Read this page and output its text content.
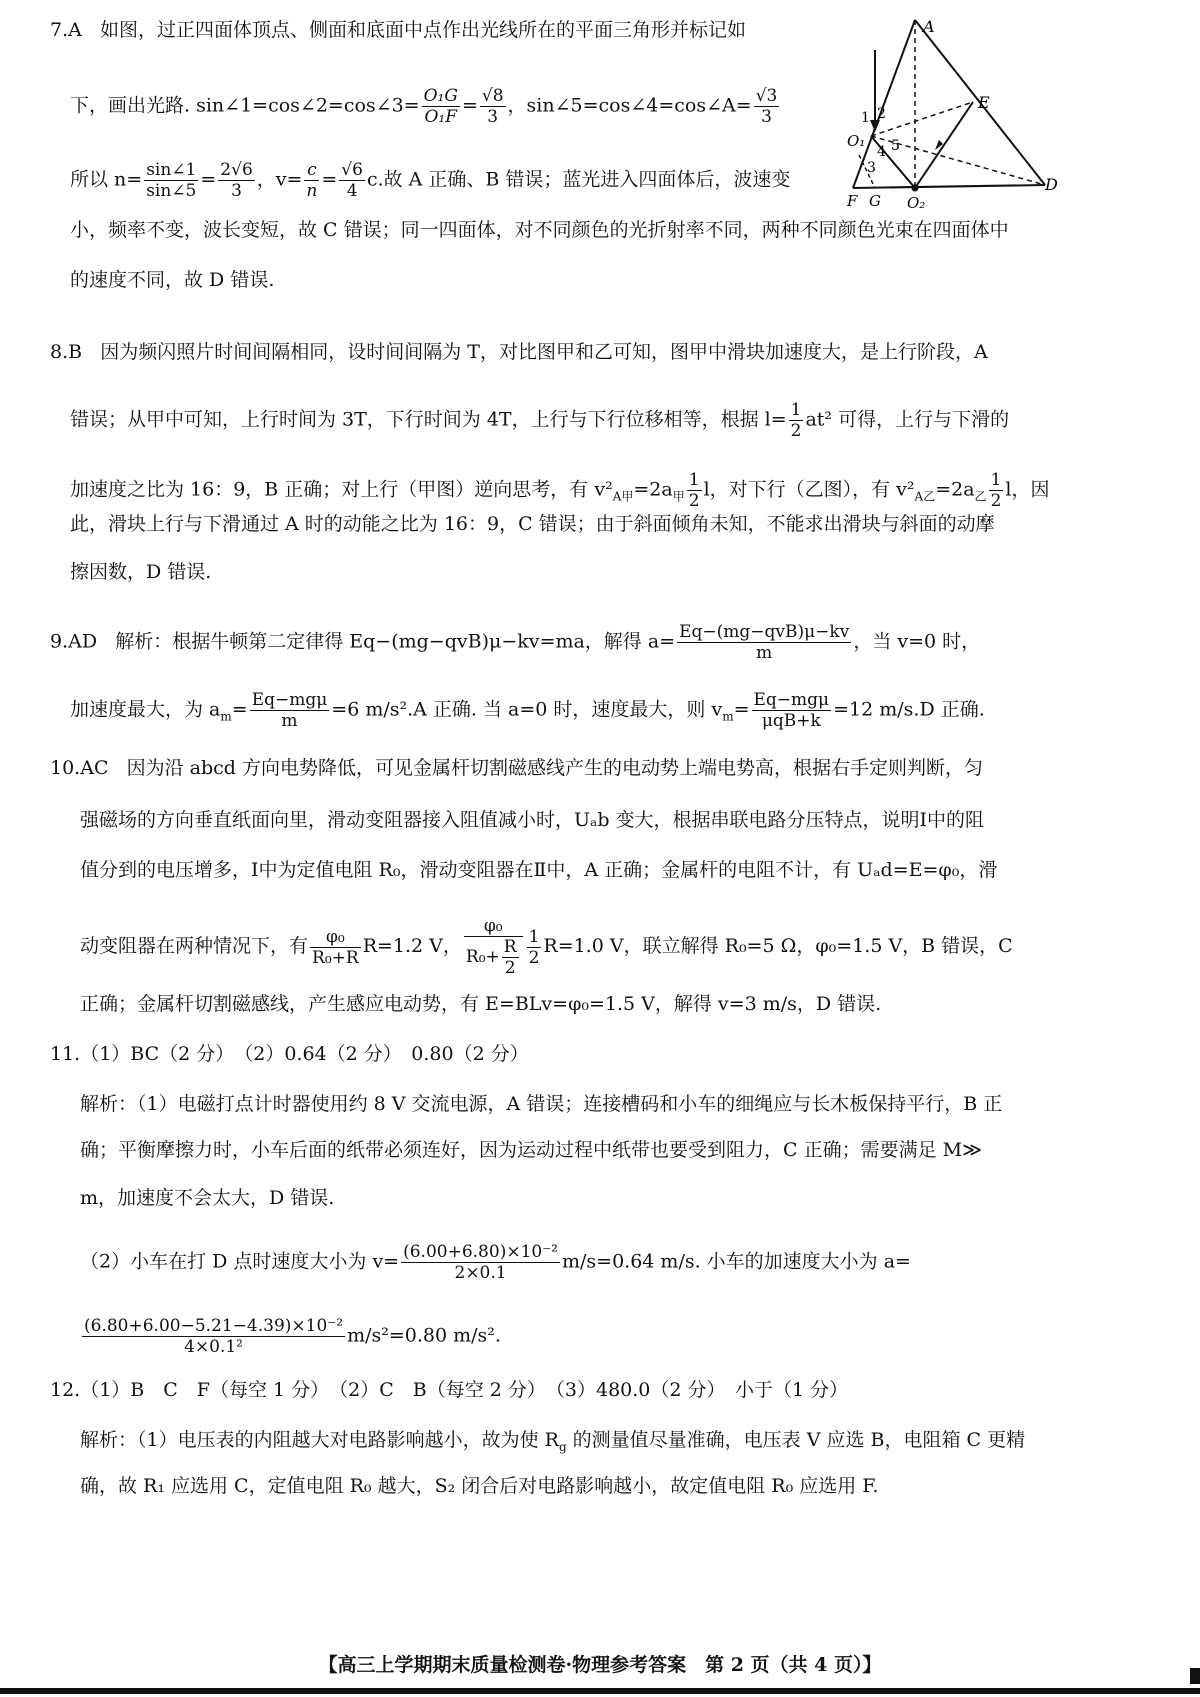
7.A 如图，过正四面体顶点、侧面和底面中点作出光线所在的平面三角形并标记如
下，画出光路. sin∠1=cos∠2=cos∠3= $\frac{\text{O₁G}}{\text{O₁F}} = \frac{√8}{3}$ ，sin∠5=cos∠4=cos∠A= $\frac{√3}{3}$
所以 $n= \frac{\sin\angle 1}{\sin\angle 5} = \frac{2√6}{3}$ ，$v= \frac{c}{n} = \frac{√6}{4} c$.故 A 正确、B 错误；蓝光进入四面体后，波速变
小，频率不变，波长变短，故 C 错误；同一四面体，对不同颜色的光折射率不同，两种不同颜色光束在四面体中
的速度不同，故 D 错误.
A
E
D
F G
O₁
O₂
1 2
3
4 5
8.B 因为频闪照片时间间隔相同，设时间间隔为 T，对比图甲和乙可知，图甲中滑块加速度大，是上行阶段，A
错误；从甲中可知，上行时间为 3T，下行时间为 4T，上行与下行位移相等，根据 $l= \frac{1}{2} at^2$ 可得，上行与下滑的
加速度之比为 16：9，B 正确；对上行（甲图）逆向思考，有 $v^2_{A甲}=2a_甲 \frac{1}{2}$ l，对下行（乙图），有 $v^2_{A乙}=2a_乙 \frac{1}{2}$ l，因
此，滑块上行与下滑通过 A 时的动能之比为 16：9，C 错误；由于斜面倾角未知，不能求出滑块与斜面的动摩
擦因数，D 错误.
9.AD 解析：根据牛顿第二定律得 Eq−(mg−qvB)μ−kv=ma，解得 $a= \frac{\text{Eq−(mg−qvB)μ−kv}}{m}$ ，当 v=0 时，
加速度最大，为 $a_m= \frac{\text{Eq−mgμ}}{m} =6$ m/s².A 正确. 当 a=0 时，速度最大，则 $v_m= \frac{\text{Eq−mgμ}}{\text{μqB+k}} =12$ m/s.D 正确.
10.AC 因为沿 abcd 方向电势降低，可见金属杆切割磁感线产生的电动势上端电势高，根据右手定则判断，匀
强磁场的方向垂直纸面向里，滑动变阻器接入阻值减小时，Uₐb 变大，根据串联电路分压特点，说明Ⅰ中的阻
值分到的电压增多，Ⅰ中为定值电阻 R₀，滑动变阻器在Ⅱ中，A 正确；金属杆的电阻不计，有 Uₐd=E=φ₀，滑
动变阻器在两种情况下，有 $\frac{\text{φ₀}}{\text{R₀+R}} R=1.2$ V， $\frac{\text{φ₀}}{R_0+ \frac{R}{2}} \frac{1}{2} R=1.0$ V，联立解得 R₀=5 Ω，φ₀=1.5 V，B 错误，C
正确；金属杆切割磁感线，产生感应电动势，有 E=BLv=φ₀=1.5 V，解得 v=3 m/s，D 错误.
11.（1）BC（2 分）　（2）0.64（2 分）　0.80（2 分）
解析：（1）电磁打点计时器使用约 8 V 交流电源，A 错误；连接槽码和小车的细绳应与长木板保持平行，B 正
确；平衡摩擦力时，小车后面的纸带必须连好，因为运动过程中纸带也要受到阻力，C 正确；需要满足 M≫
m，加速度不会太大，D 错误.
（2）小车在打 D 点时速度大小为 $v= \frac{\text{(6.00+6.80)×10⁻²}}{2\times 0.1} m/s=0.64$ m/s. 小车的加速度大小为 a=
$\frac{\text{(6.80+6.00−5.21−4.39)×10⁻²}}{\text{4×0.1²}} m/s^2=0.80$ m/s².
12.（1）B　C　F（每空 1 分）　（2）C　B（每空 2 分）　（3）480.0（2 分）　小于（1 分）
解析：（1）电压表的内阻越大对电路影响越小，故为使 $R_g$ 的测量值尽量准确，电压表 V 应选 B，电阻箱 C 更精
确，故 R₁ 应选用 C，定值电阻 R₀ 越大，S₂ 闭合后对电路影响越小，故定值电阻 R₀ 应选用 F.
【高三上学期期末质量检测卷·物理参考答案　第 2 页（共 4 页）】
